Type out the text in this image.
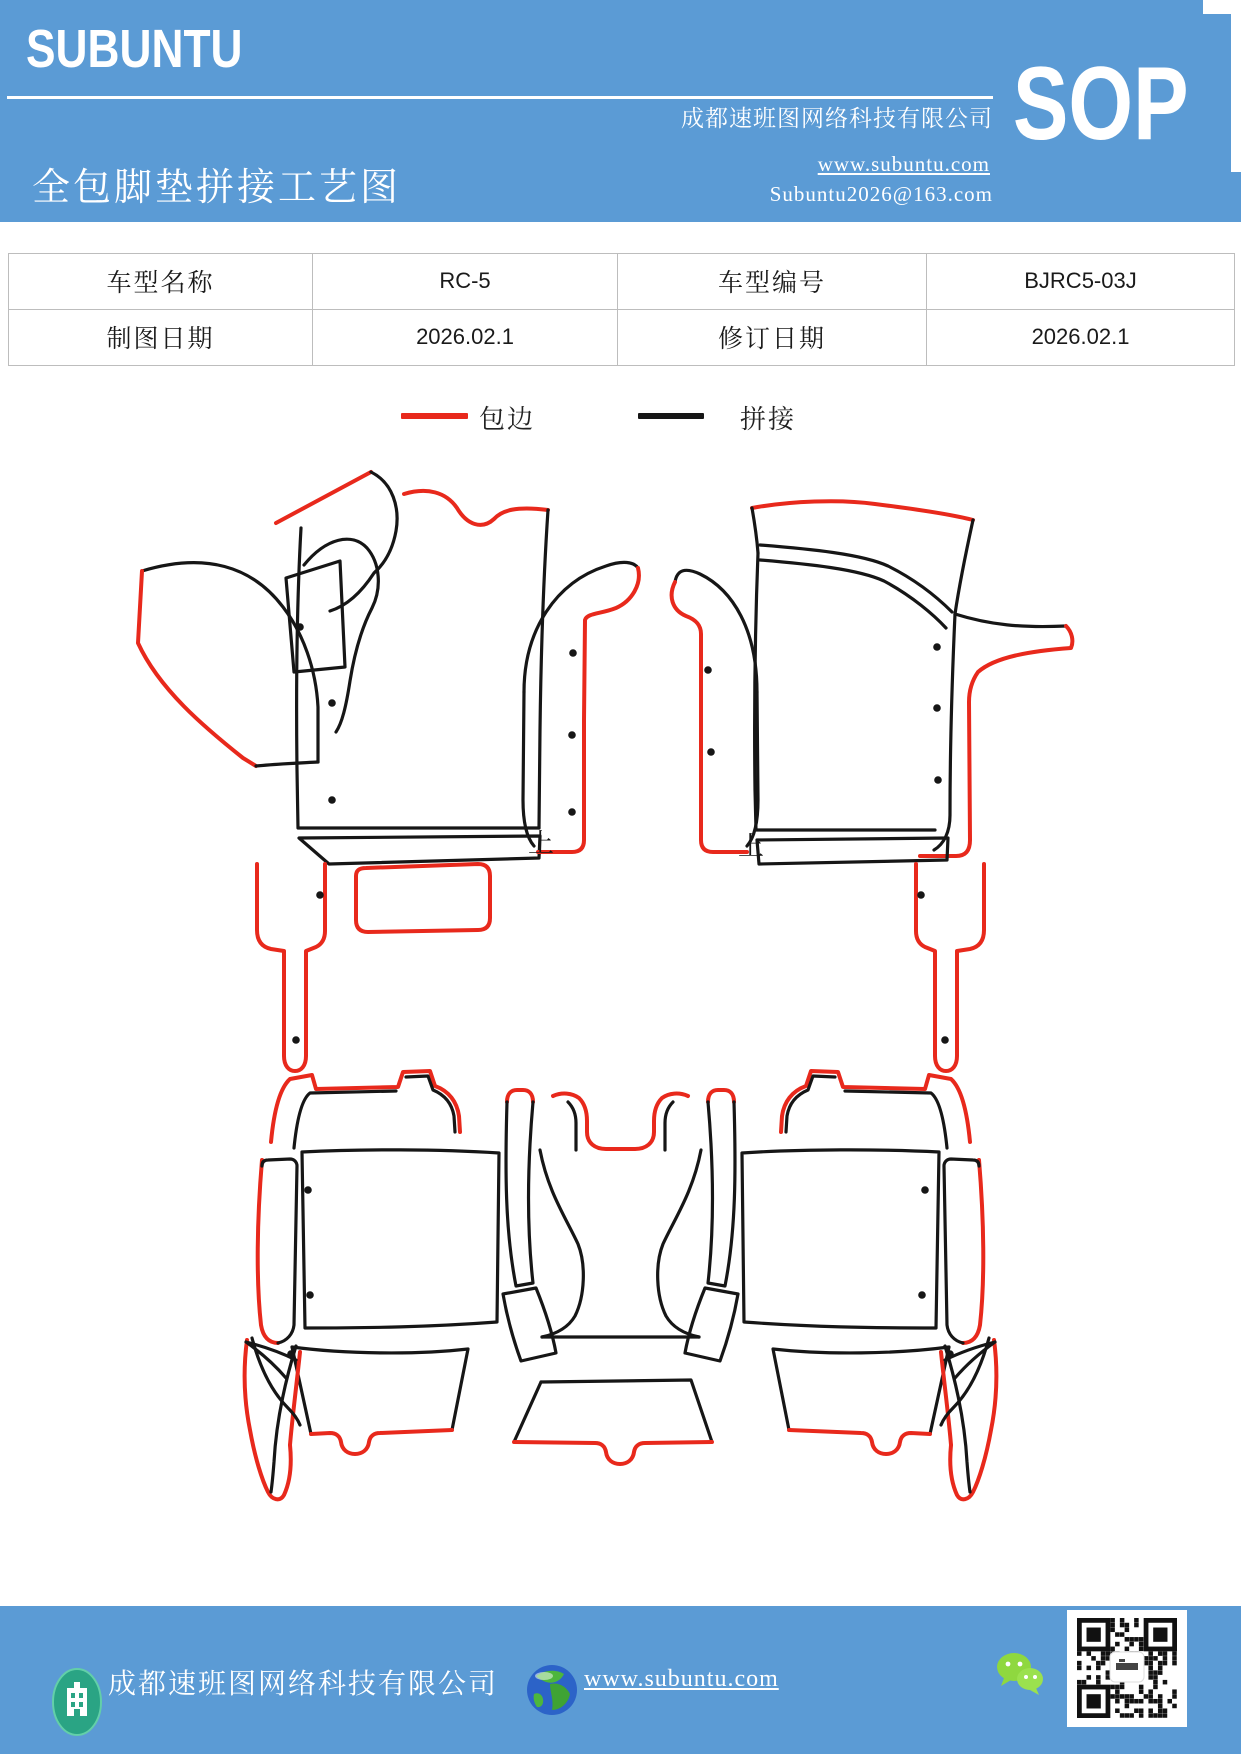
SUBUNTU
成都速班图网络科技有限公司
全包脚垫拼接工艺图
www.subuntu.com
Subuntu2026@163.com
SOP
车型名称	RC-5	车型编号	BJRC5-03J
制图日期	2026.02.1	修订日期	2026.02.1
包边	拼接
上	上
成都速班图网络科技有限公司	www.subuntu.com
